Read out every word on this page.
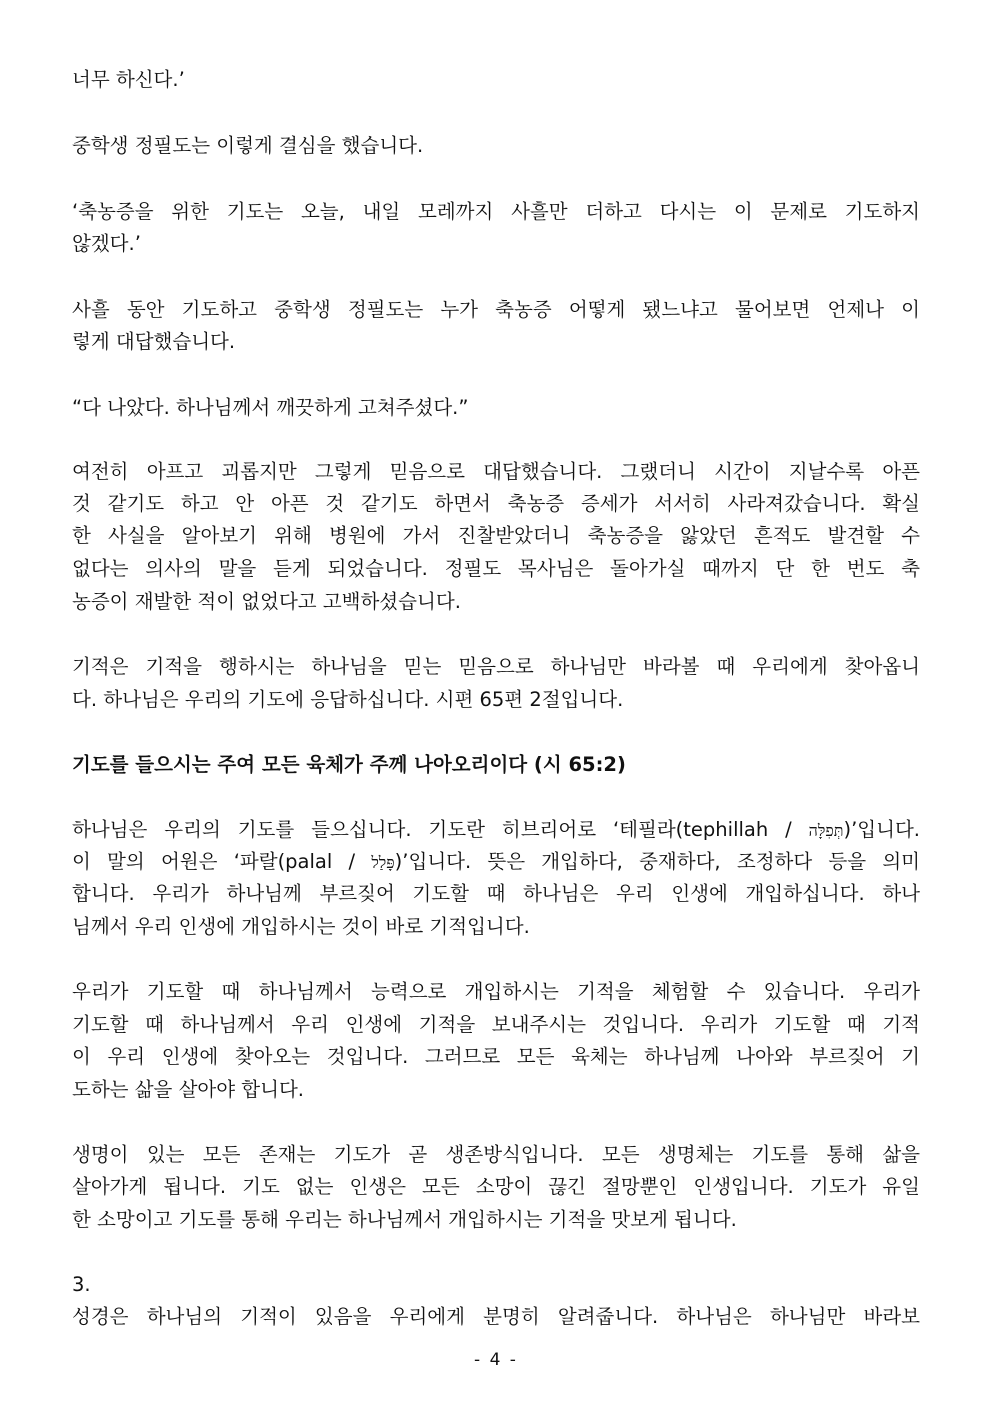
너무 하신다.’
중학생 정필도는 이렇게 결심을 했습니다.
‘축농증을 위한 기도는 오늘, 내일 모레까지 사흘만 더하고 다시는 이 문제로 기도하지
않겠다.’
사흘 동안 기도하고 중학생 정필도는 누가 축농증 어떻게 됐느냐고 물어보면 언제나 이
렇게 대답했습니다.
“다 나았다. 하나님께서 깨끗하게 고쳐주셨다.”
여전히 아프고 괴롭지만 그렇게 믿음으로 대답했습니다. 그랬더니 시간이 지날수록 아픈
것 같기도 하고 안 아픈 것 같기도 하면서 축농증 증세가 서서히 사라져갔습니다. 확실
한 사실을 알아보기 위해 병원에 가서 진찰받았더니 축농증을 앓았던 흔적도 발견할 수
없다는 의사의 말을 듣게 되었습니다. 정필도 목사님은 돌아가실 때까지 단 한 번도 축
농증이 재발한 적이 없었다고 고백하셨습니다.
기적은 기적을 행하시는 하나님을 믿는 믿음으로 하나님만 바라볼 때 우리에게 찾아옵니
다. 하나님은 우리의 기도에 응답하십니다. 시편 65편 2절입니다.
기도를 들으시는 주여 모든 육체가 주께 나아오리이다 (시 65:2)
하나님은 우리의 기도를 들으십니다. 기도란 히브리어로 ‘테필라(tephillah / תְּפִלָּה)’입니다.
이 말의 어원은 ‘파랄(palal / פָּלַל)’입니다. 뜻은 개입하다, 중재하다, 조정하다 등을 의미
합니다. 우리가 하나님께 부르짖어 기도할 때 하나님은 우리 인생에 개입하십니다. 하나
님께서 우리 인생에 개입하시는 것이 바로 기적입니다.
우리가 기도할 때 하나님께서 능력으로 개입하시는 기적을 체험할 수 있습니다. 우리가
기도할 때 하나님께서 우리 인생에 기적을 보내주시는 것입니다. 우리가 기도할 때 기적
이 우리 인생에 찾아오는 것입니다. 그러므로 모든 육체는 하나님께 나아와 부르짖어 기
도하는 삶을 살아야 합니다.
생명이 있는 모든 존재는 기도가 곧 생존방식입니다. 모든 생명체는 기도를 통해 삶을
살아가게 됩니다. 기도 없는 인생은 모든 소망이 끊긴 절망뿐인 인생입니다. 기도가 유일
한 소망이고 기도를 통해 우리는 하나님께서 개입하시는 기적을 맛보게 됩니다.
3.
성경은 하나님의 기적이 있음을 우리에게 분명히 알려줍니다. 하나님은 하나님만 바라보
- 4 -
